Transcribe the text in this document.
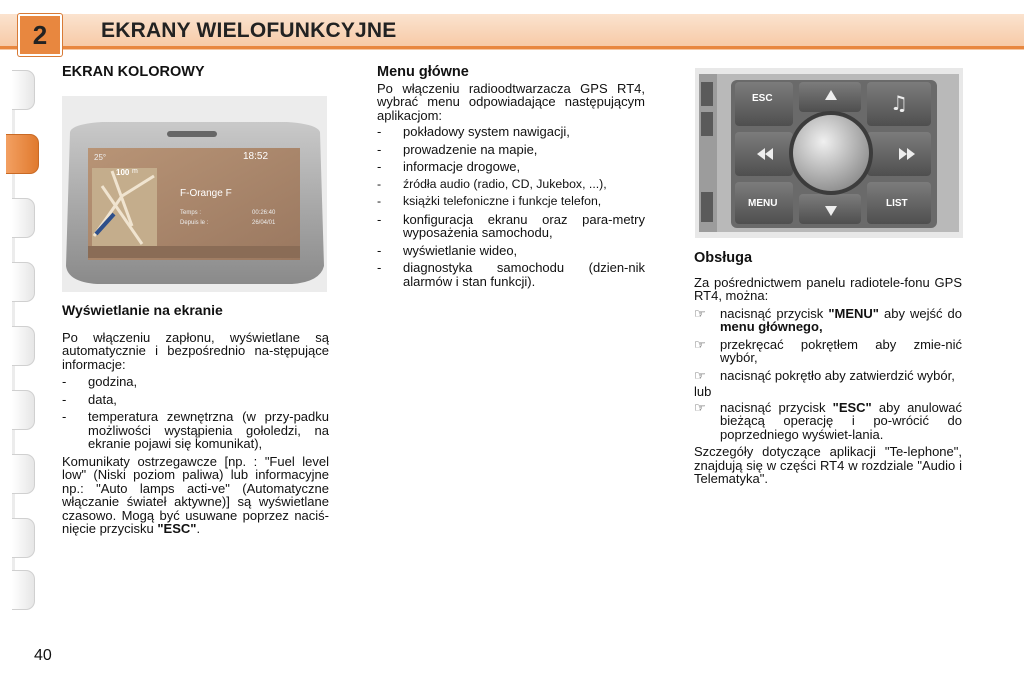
2	EKRANY WIELOFUNKCYJNE
EKRAN KOLOROWY
25°	18:52
100 m
F-Orange F
Temps :	00:26:40
Depuis le :	26/04/01
Wyświetlanie na ekranie

Po włączeniu zapłonu, wyświetlane są automatycznie i bezpośrednio na-stępujące informacje:

- godzina,
- data,
- temperatura zewnętrzna (w przy-padku możliwości wystąpienia gołoledzi, na ekranie pojawi się komunikat),

Komunikaty ostrzegawcze [np. : "Fuel level low" (Niski poziom paliwa) lub informacyjne np.: "Auto lamps acti-ve" (Automatyczne włączanie świateł aktywne)] są wyświetlane czasowo. Mogą być usuwane poprzez naciś-nięcie przycisku "ESC".

Menu główne

Po włączeniu radioodtwarzacza GPS RT4, wybrać menu odpowiadające następującym aplikacjom:

- pokładowy system nawigacji,
- prowadzenie na mapie,
- informacje drogowe,
- źródła audio (radio, CD, Jukebox, ...),
- książki telefoniczne i funkcje telefon,
- konfiguracja ekranu oraz para-metry wyposażenia samochodu,
- wyświetlanie wideo,
- diagnostyka samochodu (dzien-nik alarmów i stan funkcji).
♫
ESC
MENU	LIST
Obsługa

Za pośrednictwem panelu radiotele-fonu GPS RT4, można:

☞ nacisnąć przycisk "MENU" aby wejść do menu głównego,
☞ przekręcać pokrętłem aby zmie-nić wybór,
☞ nacisnąć pokrętło aby zatwierdzić wybór,

lub

☞ nacisnąć przycisk "ESC" aby anulować bieżącą operację i po-wrócić do poprzedniego wyświet-lania.

Szczegóły dotyczące aplikacji "Te-lephone", znajdują się w części RT4 w rozdziale "Audio i Telematyka".

40
